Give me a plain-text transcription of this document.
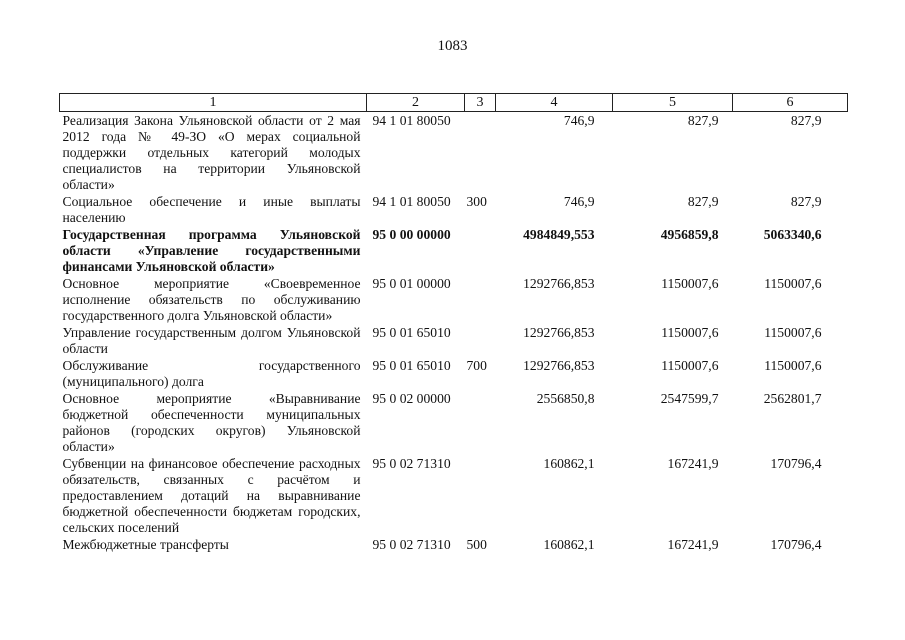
1083
1	2	3	4	5	6
Реализация Закона Ульяновской области от 2 мая 2012 года № 49-ЗО «О мерах социальной поддержки отдельных категорий молодых специалистов на территории Ульяновской области»	94 1 01 80050		746,9	827,9	827,9
Социальное обеспечение и иные выплаты населению	94 1 01 80050	300	746,9	827,9	827,9
Государственная программа Ульяновской области «Управление государственными финансами Ульяновской области»	95 0 00 00000		4984849,553	4956859,8	5063340,6
Основное мероприятие «Своевременное исполнение обязательств по обслуживанию государственного долга Ульяновской области»	95 0 01 00000		1292766,853	1150007,6	1150007,6
Управление государственным долгом Ульяновской области	95 0 01 65010		1292766,853	1150007,6	1150007,6
Обслуживание государственного (муниципального) долга	95 0 01 65010	700	1292766,853	1150007,6	1150007,6
Основное мероприятие «Выравнивание бюджетной обеспеченности муниципальных районов (городских округов) Ульяновской области»	95 0 02 00000		2556850,8	2547599,7	2562801,7
Субвенции на финансовое обеспечение расходных обязательств, связанных с расчётом и предоставлением дотаций на выравнивание бюджетной обеспеченности бюджетам городских, сельских поселений	95 0 02 71310		160862,1	167241,9	170796,4
Межбюджетные трансферты	95 0 02 71310	500	160862,1	167241,9	170796,4
